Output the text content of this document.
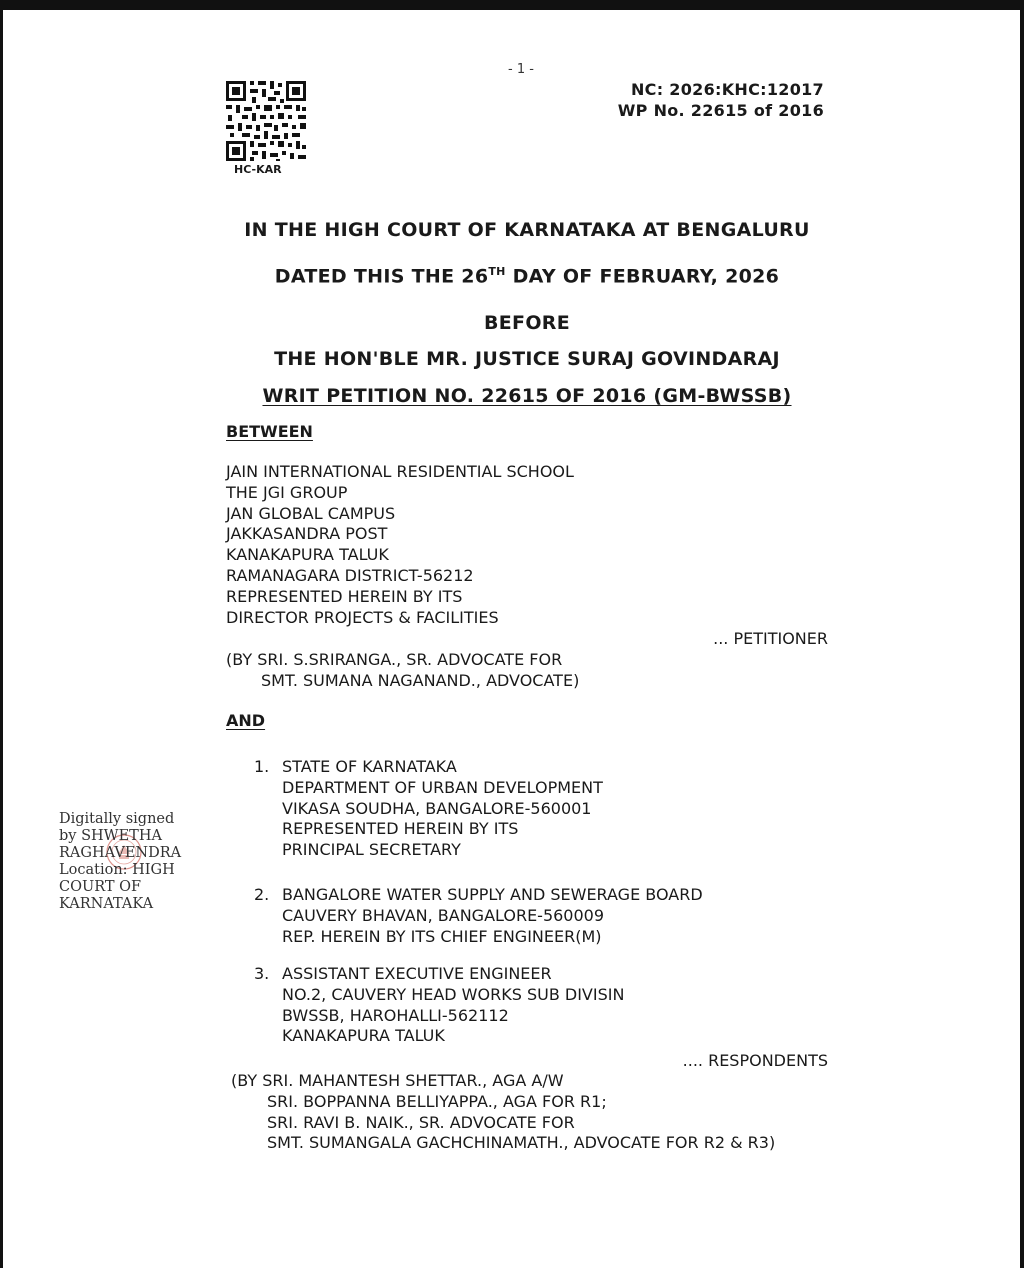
- 1 -
NC: 2026:KHC:12017
WP No. 22615 of 2016
HC-KAR
IN THE HIGH COURT OF KARNATAKA AT BENGALURU
DATED THIS THE 26TH DAY OF FEBRUARY, 2026
BEFORE
THE HON'BLE MR. JUSTICE SURAJ GOVINDARAJ
WRIT PETITION NO. 22615 OF 2016 (GM-BWSSB)
BETWEEN
JAIN INTERNATIONAL RESIDENTIAL SCHOOL
THE JGI GROUP
JAN GLOBAL CAMPUS
JAKKASANDRA POST
KANAKAPURA TALUK
RAMANAGARA DISTRICT-56212
REPRESENTED HEREIN BY ITS
DIRECTOR PROJECTS & FACILITIES
... PETITIONER
(BY SRI. S.SRIRANGA., SR. ADVOCATE FOR
SMT. SUMANA NAGANAND., ADVOCATE)
AND
1. STATE OF KARNATAKA
DEPARTMENT OF URBAN DEVELOPMENT
VIKASA SOUDHA, BANGALORE-560001
REPRESENTED HEREIN BY ITS
PRINCIPAL SECRETARY
2. BANGALORE WATER SUPPLY AND SEWERAGE BOARD
CAUVERY BHAVAN, BANGALORE-560009
REP. HEREIN BY ITS CHIEF ENGINEER(M)
3. ASSISTANT EXECUTIVE ENGINEER
NO.2, CAUVERY HEAD WORKS SUB DIVISIN
BWSSB, HAROHALLI-562112
KANAKAPURA TALUK
.... RESPONDENTS
(BY SRI. MAHANTESH SHETTAR., AGA A/W
SRI. BOPPANNA BELLIYAPPA., AGA FOR R1;
SRI. RAVI B. NAIK., SR. ADVOCATE FOR
SMT. SUMANGALA GACHCHINAMATH., ADVOCATE FOR R2 & R3)
Digitally signed
by SHWETHA
RAGHAVENDRA
Location: HIGH
COURT OF
KARNATAKA
